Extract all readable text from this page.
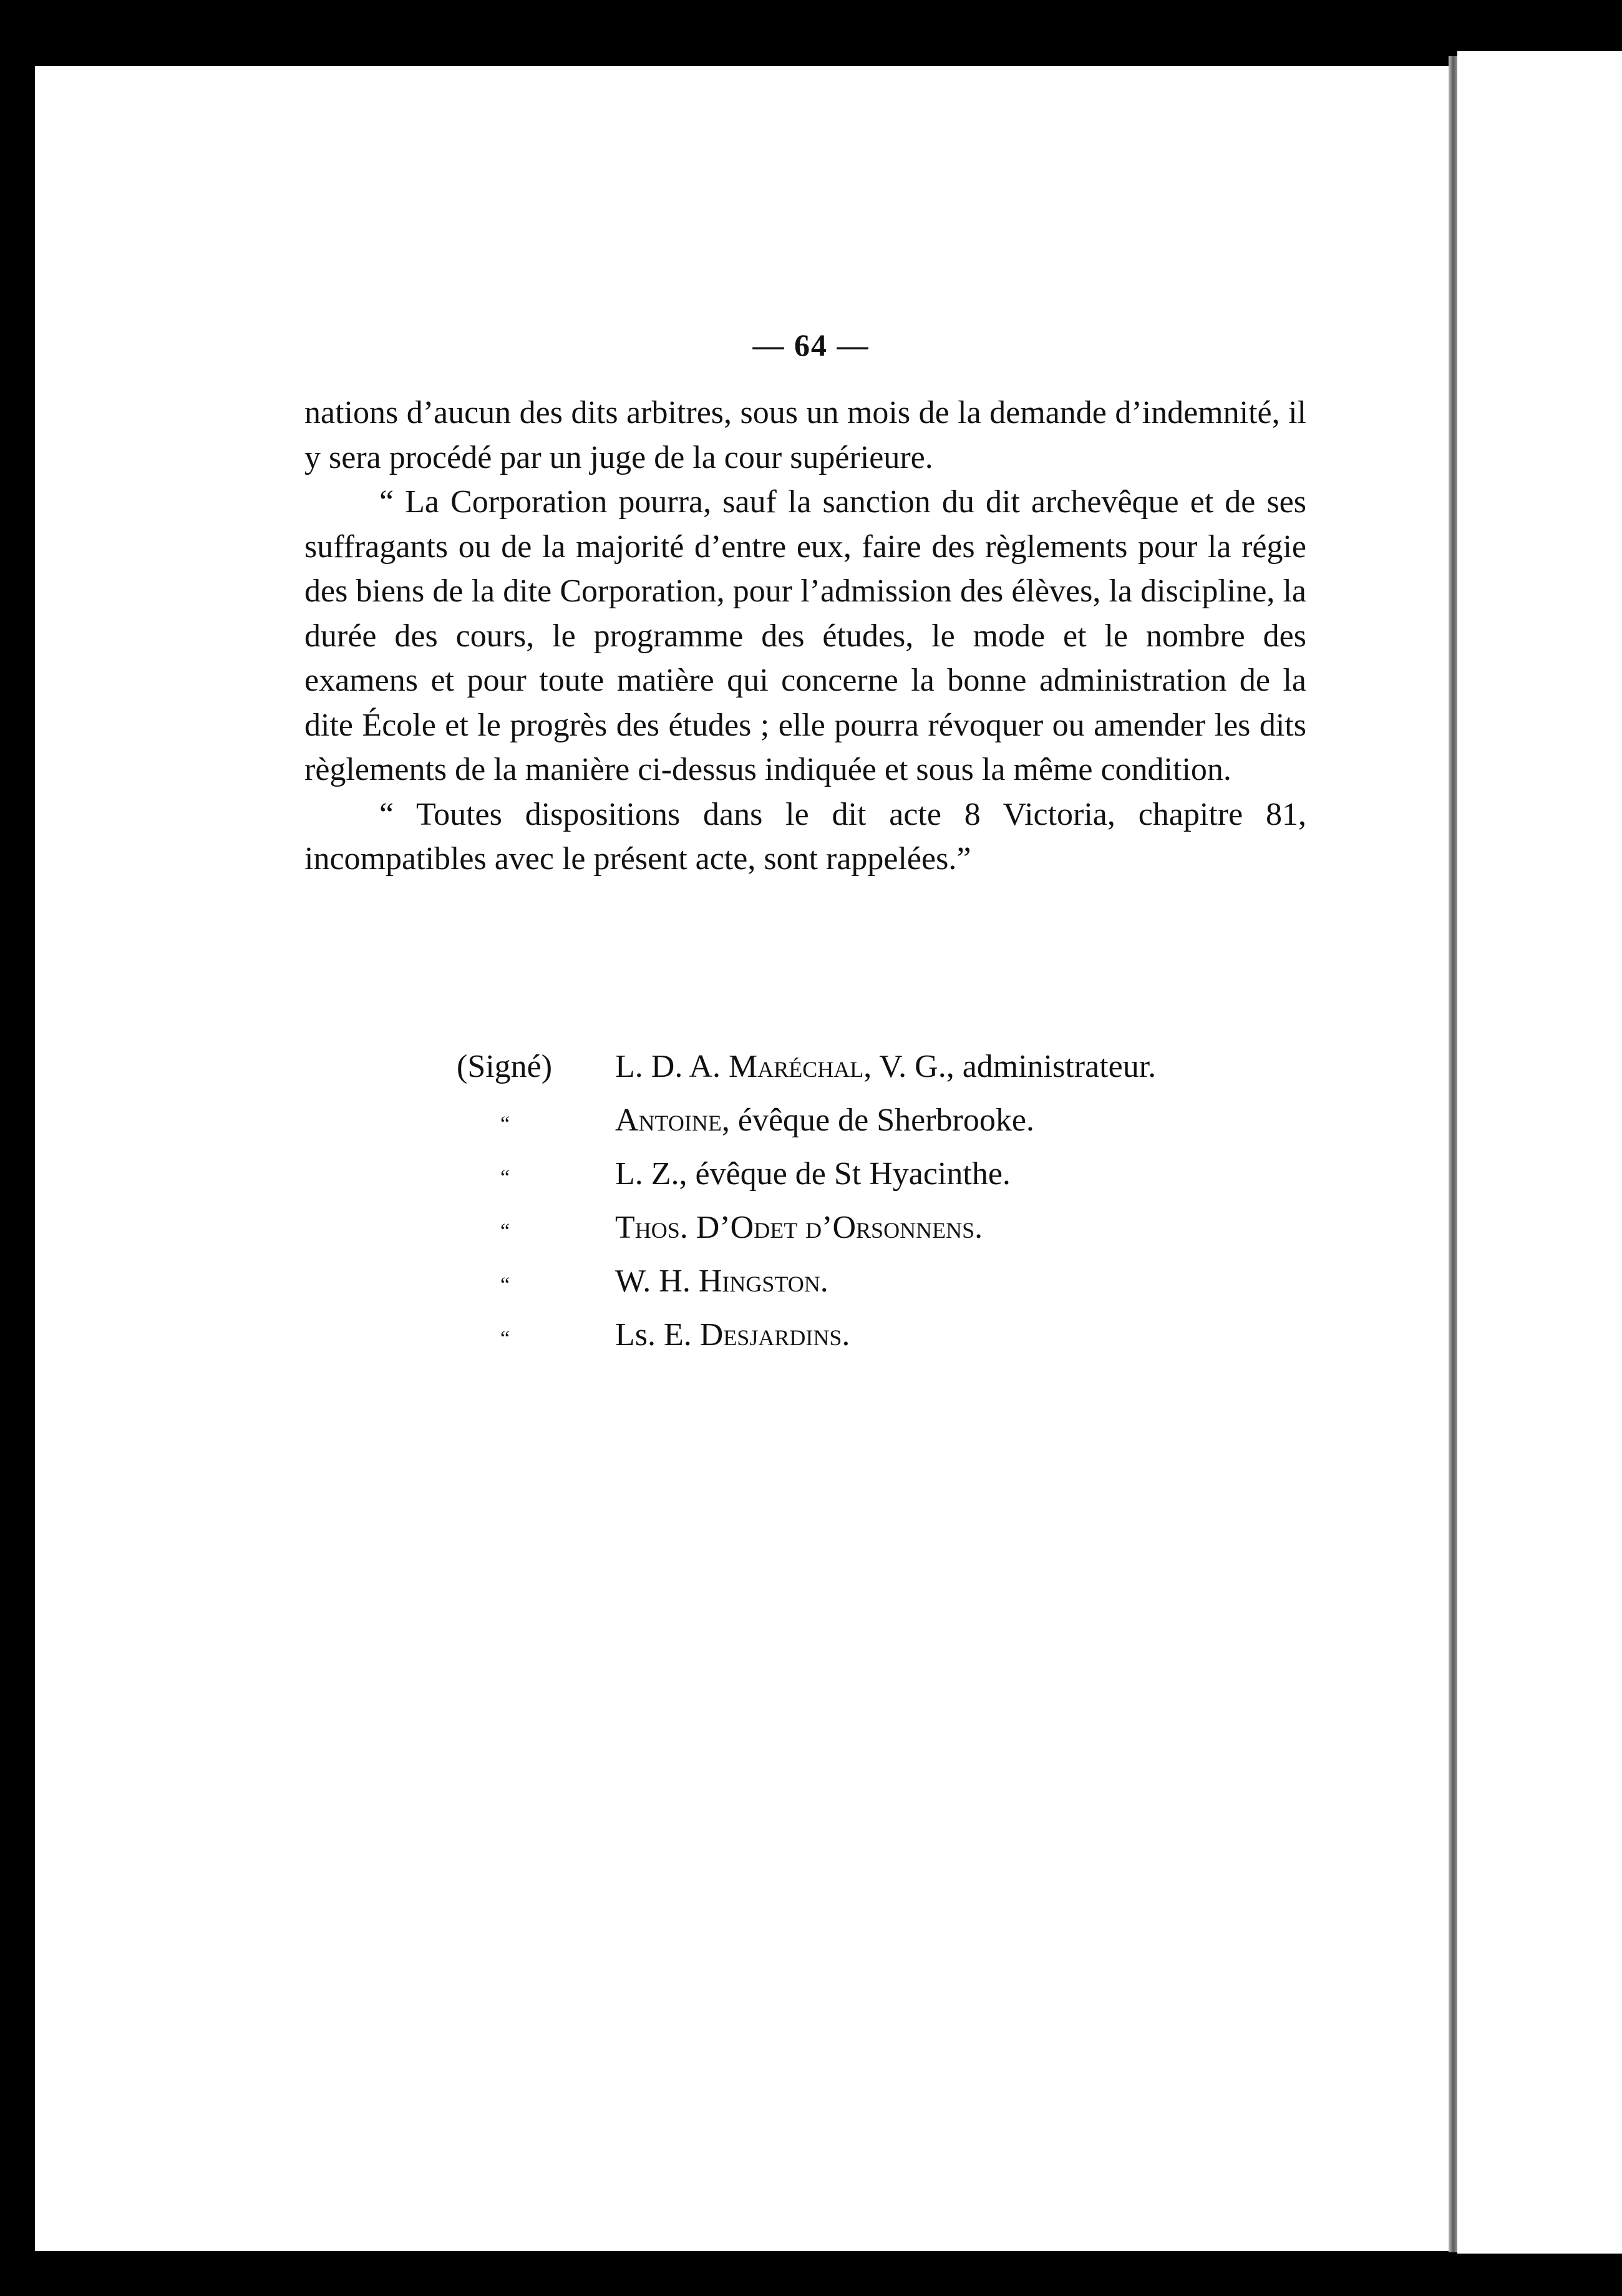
— 64 —

nations d’aucun des dits arbitres, sous un mois de la demande d’indemnité, il y sera procédé par un juge de la cour supérieure.

“ La Corporation pourra, sauf la sanction du dit archevêque et de ses suffragants ou de la majorité d’entre eux, faire des règlements pour la régie des biens de la dite Corporation, pour l’admission des élèves, la discipline, la durée des cours, le programme des études, le mode et le nombre des examens et pour toute matière qui concerne la bonne administration de la dite École et le progrès des études ; elle pourra révoquer ou amender les dits règlements de la manière ci-dessus indiquée et sous la même condition.

“ Toutes dispositions dans le dit acte 8 Victoria, chapitre 81, incompatibles avec le présent acte, sont rappelées.”

(Signé)	L. D. A. Maréchal, V. G., administrateur.
“	Antoine, évêque de Sherbrooke.
“	L. Z., évêque de St Hyacinthe.
“	Thos. D’Odet d’Orsonnens.
“	W. H. Hingston.
“	Ls. E. Desjardins.
